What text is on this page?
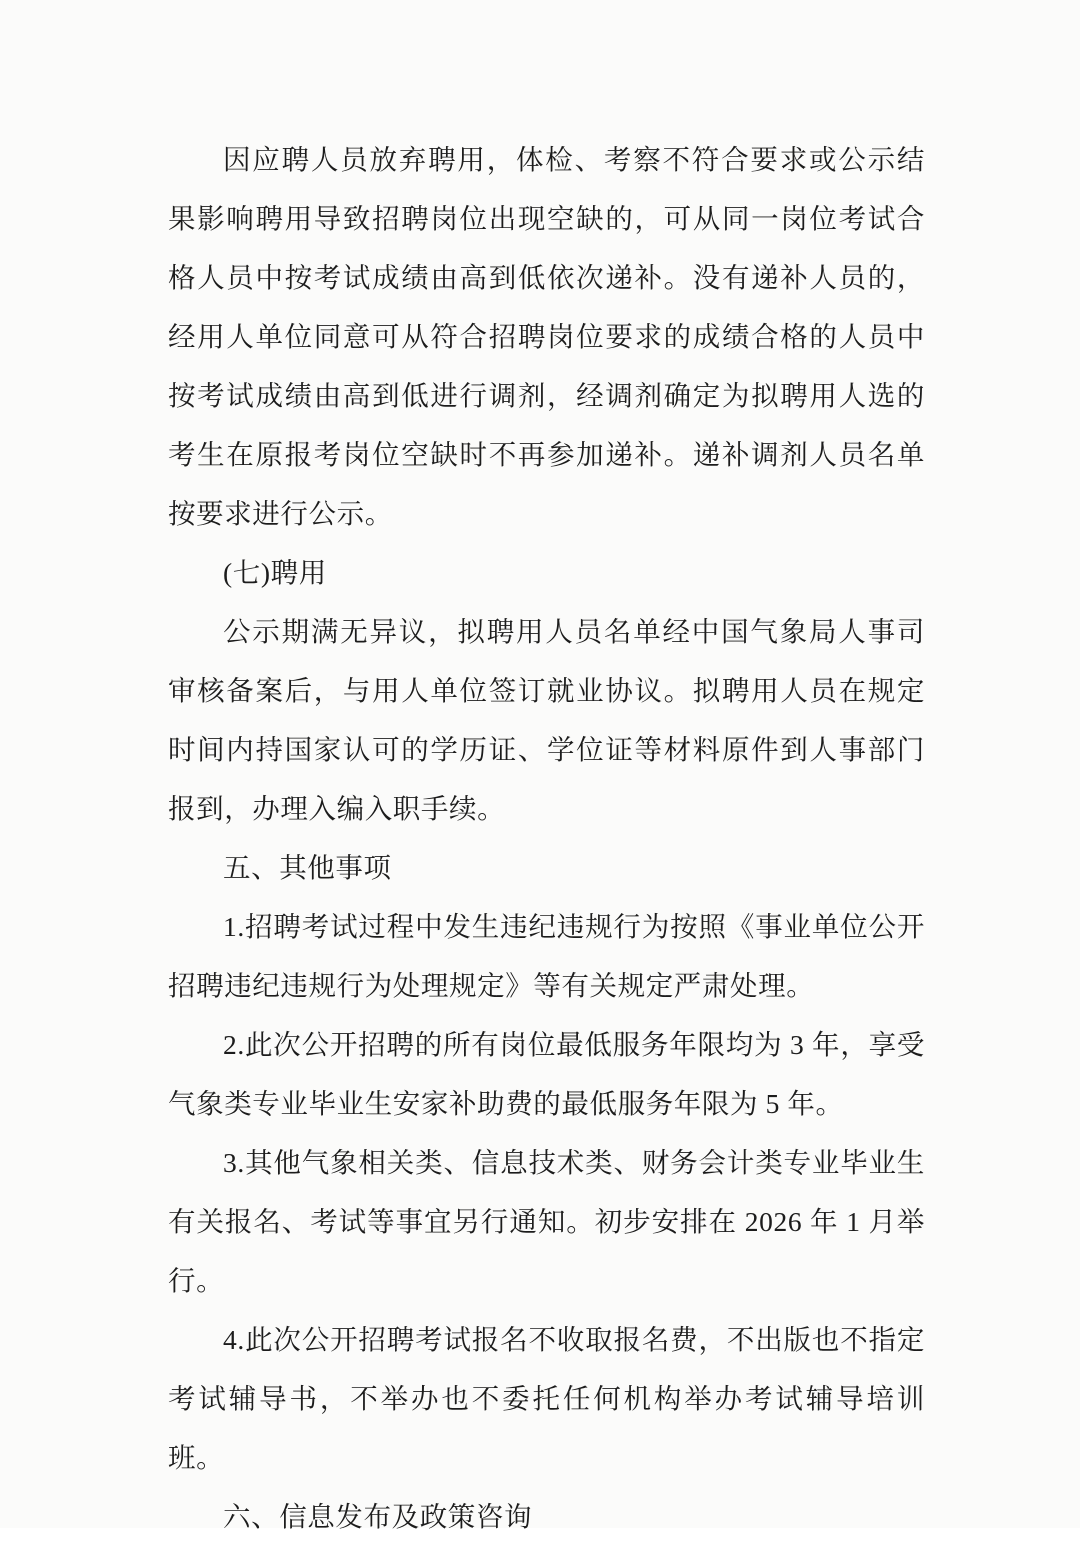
因应聘人员放弃聘用，体检、考察不符合要求或公示结果影响聘用导致招聘岗位出现空缺的，可从同一岗位考试合格人员中按考试成绩由高到低依次递补。没有递补人员的，经用人单位同意可从符合招聘岗位要求的成绩合格的人员中按考试成绩由高到低进行调剂，经调剂确定为拟聘用人选的考生在原报考岗位空缺时不再参加递补。递补调剂人员名单按要求进行公示。

(七)聘用

公示期满无异议，拟聘用人员名单经中国气象局人事司审核备案后，与用人单位签订就业协议。拟聘用人员在规定时间内持国家认可的学历证、学位证等材料原件到人事部门报到，办理入编入职手续。

五、其他事项

1.招聘考试过程中发生违纪违规行为按照《事业单位公开招聘违纪违规行为处理规定》等有关规定严肃处理。

2.此次公开招聘的所有岗位最低服务年限均为 3 年，享受气象类专业毕业生安家补助费的最低服务年限为 5 年。

3.其他气象相关类、信息技术类、财务会计类专业毕业生有关报名、考试等事宜另行通知。初步安排在 2026 年 1 月举行。

4.此次公开招聘考试报名不收取报名费，不出版也不指定考试辅导书，不举办也不委托任何机构举办考试辅导培训班。

六、信息发布及政策咨询
